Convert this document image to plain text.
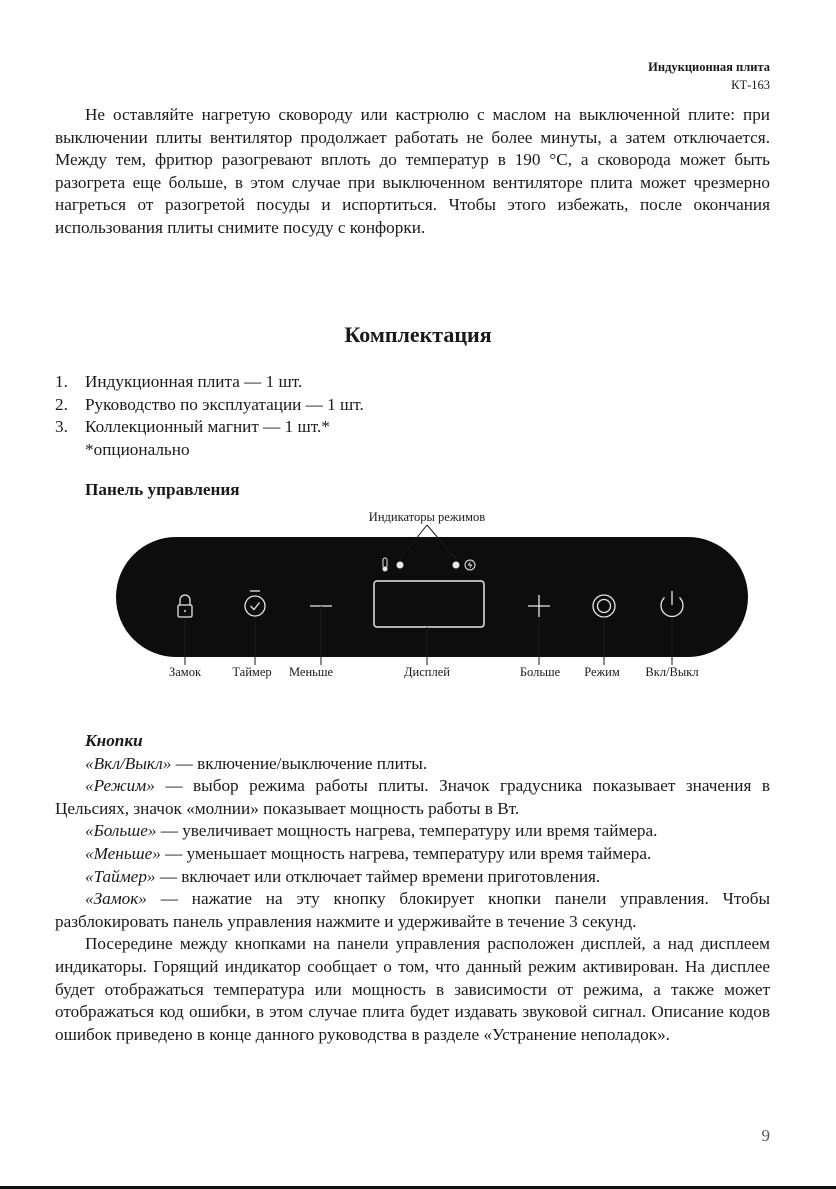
Индукционная плита
КТ-163

Не оставляйте нагретую сковороду или кастрюлю с маслом на выключенной плите: при выключении плиты вентилятор продолжает работать не более минуты, а затем отключается. Между тем, фритюр разогревают вплоть до температур в 190 °C, а сковорода может быть разогрета еще больше, в этом случае при выключенном вентиляторе плита может чрезмерно нагреться от разогретой посуды и испортиться. Чтобы этого избежать, после окончания использования плиты снимите посуду с конфорки.

Комплектация
1. Индукционная плита — 1 шт.
2. Руководство по эксплуатации — 1 шт.
3. Коллекционный магнит — 1 шт.*
*опционально
Панель управления
Индикаторы режимов
Замок	Таймер Меньше	Дисплей	Больше Режим Вкл/Выкл

Кнопки

«Вкл/Выкл» — включение/выключение плиты.

«Режим» — выбор режима работы плиты. Значок градусника показывает значения в Цельсиях, значок «молнии» показывает мощность работы в Вт.

«Больше» — увеличивает мощность нагрева, температуру или время таймера.

«Меньше» — уменьшает мощность нагрева, температуру или время таймера.

«Таймер» — включает или отключает таймер времени приготовления.

«Замок» — нажатие на эту кнопку блокирует кнопки панели управления. Чтобы разблокировать панель управления нажмите и удерживайте в течение 3 секунд.

Посередине между кнопками на панели управления расположен дисплей, а над дисплеем индикаторы. Горящий индикатор сообщает о том, что данный режим активирован. На дисплее будет отображаться температура или мощность в зависимости от режима, а также может отображаться код ошибки, в этом случае плита будет издавать звуковой сигнал. Описание кодов ошибок приведено в конце данного руководства в разделе «Устранение неполадок».

9
